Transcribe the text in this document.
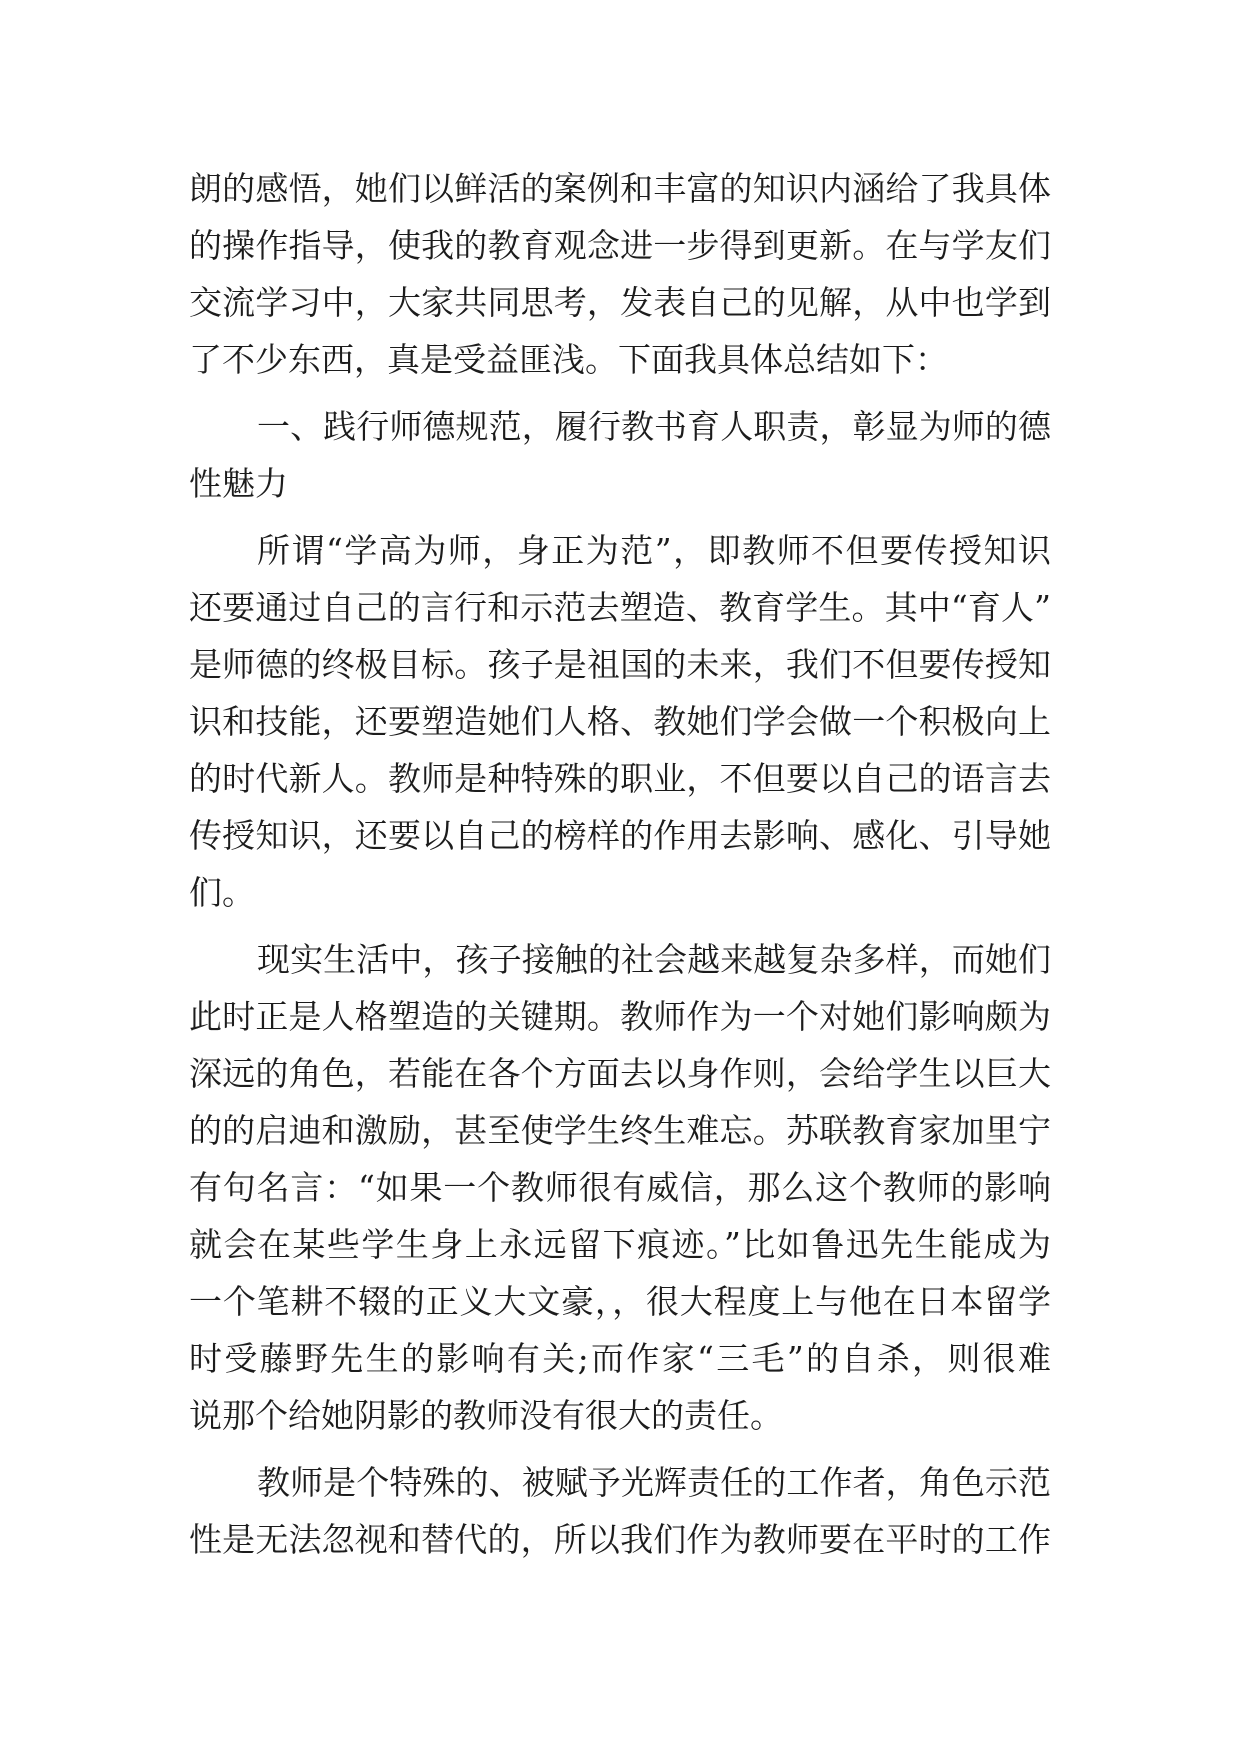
朗的感悟，她们以鲜活的案例和丰富的知识内涵给了我具体
的操作指导，使我的教育观念进一步得到更新。在与学友们
交流学习中，大家共同思考，发表自己的见解，从中也学到
了不少东西，真是受益匪浅。下面我具体总结如下：
一、践行师德规范，履行教书育人职责，彰显为师的德
性魅力
所谓“学高为师，身正为范”，即教师不但要传授知识
还要通过自己的言行和示范去塑造、教育学生。其中“育人”
是师德的终极目标。孩子是祖国的未来，我们不但要传授知
识和技能，还要塑造她们人格、教她们学会做一个积极向上
的时代新人。教师是种特殊的职业，不但要以自己的语言去
传授知识，还要以自己的榜样的作用去影响、感化、引导她
们。
现实生活中，孩子接触的社会越来越复杂多样，而她们
此时正是人格塑造的关键期。教师作为一个对她们影响颇为
深远的角色，若能在各个方面去以身作则，会给学生以巨大
的的启迪和激励，甚至使学生终生难忘。苏联教育家加里宁
有句名言：“如果一个教师很有威信，那么这个教师的影响
就会在某些学生身上永远留下痕迹。”比如鲁迅先生能成为
一个笔耕不辍的正义大文豪，，很大程度上与他在日本留学
时受藤野先生的影响有关;而作家“三毛”的自杀，则很难
说那个给她阴影的教师没有很大的责任。
教师是个特殊的、被赋予光辉责任的工作者，角色示范
性是无法忽视和替代的，所以我们作为教师要在平时的工作
